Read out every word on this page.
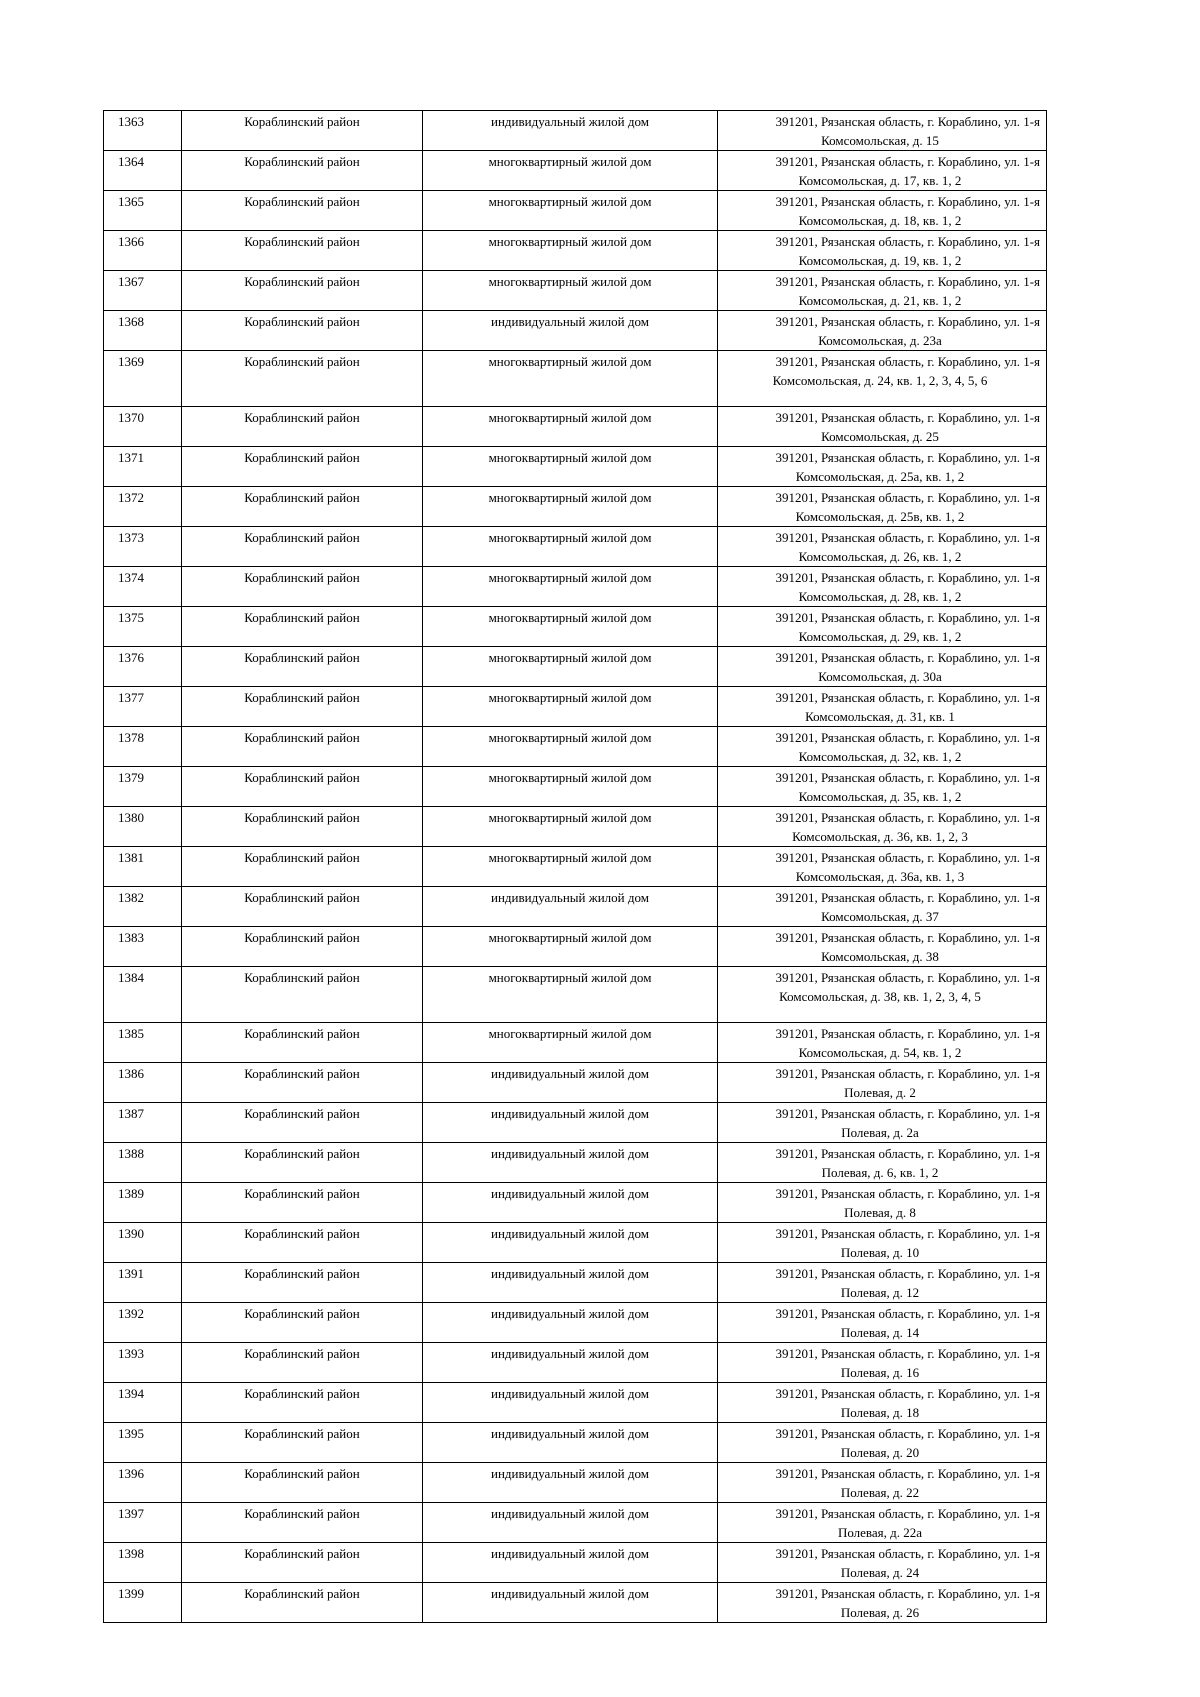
1363	Кораблинский район	индивидуальный жилой дом	391201, Рязанская область, г. Кораблино, ул. 1-я
Комсомольская, д. 15

1364	Кораблинский район	многоквартирный жилой дом	391201, Рязанская область, г. Кораблино, ул. 1-я
Комсомольская, д. 17, кв. 1, 2

1365	Кораблинский район	многоквартирный жилой дом	391201, Рязанская область, г. Кораблино, ул. 1-я
Комсомольская, д. 18, кв. 1, 2

1366	Кораблинский район	многоквартирный жилой дом	391201, Рязанская область, г. Кораблино, ул. 1-я
Комсомольская, д. 19, кв. 1, 2

1367	Кораблинский район	многоквартирный жилой дом	391201, Рязанская область, г. Кораблино, ул. 1-я
Комсомольская, д. 21, кв. 1, 2

1368	Кораблинский район	индивидуальный жилой дом	391201, Рязанская область, г. Кораблино, ул. 1-я
Комсомольская, д. 23а

1369	Кораблинский район	многоквартирный жилой дом	391201, Рязанская область, г. Кораблино, ул. 1-я
Комсомольская, д. 24, кв. 1, 2, 3, 4, 5, 6

1370	Кораблинский район	многоквартирный жилой дом	391201, Рязанская область, г. Кораблино, ул. 1-я
Комсомольская, д. 25

1371	Кораблинский район	многоквартирный жилой дом	391201, Рязанская область, г. Кораблино, ул. 1-я
Комсомольская, д. 25а, кв. 1, 2

1372	Кораблинский район	многоквартирный жилой дом	391201, Рязанская область, г. Кораблино, ул. 1-я
Комсомольская, д. 25в, кв. 1, 2

1373	Кораблинский район	многоквартирный жилой дом	391201, Рязанская область, г. Кораблино, ул. 1-я
Комсомольская, д. 26, кв. 1, 2

1374	Кораблинский район	многоквартирный жилой дом	391201, Рязанская область, г. Кораблино, ул. 1-я
Комсомольская, д. 28, кв. 1, 2

1375	Кораблинский район	многоквартирный жилой дом	391201, Рязанская область, г. Кораблино, ул. 1-я
Комсомольская, д. 29, кв. 1, 2

1376	Кораблинский район	многоквартирный жилой дом	391201, Рязанская область, г. Кораблино, ул. 1-я
Комсомольская, д. 30а

1377	Кораблинский район	многоквартирный жилой дом	391201, Рязанская область, г. Кораблино, ул. 1-я
Комсомольская, д. 31, кв. 1

1378	Кораблинский район	многоквартирный жилой дом	391201, Рязанская область, г. Кораблино, ул. 1-я
Комсомольская, д. 32, кв. 1, 2

1379	Кораблинский район	многоквартирный жилой дом	391201, Рязанская область, г. Кораблино, ул. 1-я
Комсомольская, д. 35, кв. 1, 2

1380	Кораблинский район	многоквартирный жилой дом	391201, Рязанская область, г. Кораблино, ул. 1-я
Комсомольская, д. 36, кв. 1, 2, 3

1381	Кораблинский район	многоквартирный жилой дом	391201, Рязанская область, г. Кораблино, ул. 1-я
Комсомольская, д. 36а, кв. 1, 3

1382	Кораблинский район	индивидуальный жилой дом	391201, Рязанская область, г. Кораблино, ул. 1-я
Комсомольская, д. 37

1383	Кораблинский район	многоквартирный жилой дом	391201, Рязанская область, г. Кораблино, ул. 1-я
Комсомольская, д. 38

1384	Кораблинский район	многоквартирный жилой дом	391201, Рязанская область, г. Кораблино, ул. 1-я
Комсомольская, д. 38, кв. 1, 2, 3, 4, 5

1385	Кораблинский район	многоквартирный жилой дом	391201, Рязанская область, г. Кораблино, ул. 1-я
Комсомольская, д. 54, кв. 1, 2

1386	Кораблинский район	индивидуальный жилой дом	391201, Рязанская область, г. Кораблино, ул. 1-я
Полевая, д. 2

1387	Кораблинский район	индивидуальный жилой дом	391201, Рязанская область, г. Кораблино, ул. 1-я
Полевая, д. 2а

1388	Кораблинский район	индивидуальный жилой дом	391201, Рязанская область, г. Кораблино, ул. 1-я
Полевая, д. 6, кв. 1, 2

1389	Кораблинский район	индивидуальный жилой дом	391201, Рязанская область, г. Кораблино, ул. 1-я
Полевая, д. 8

1390	Кораблинский район	индивидуальный жилой дом	391201, Рязанская область, г. Кораблино, ул. 1-я
Полевая, д. 10

1391	Кораблинский район	индивидуальный жилой дом	391201, Рязанская область, г. Кораблино, ул. 1-я
Полевая, д. 12

1392	Кораблинский район	индивидуальный жилой дом	391201, Рязанская область, г. Кораблино, ул. 1-я
Полевая, д. 14

1393	Кораблинский район	индивидуальный жилой дом	391201, Рязанская область, г. Кораблино, ул. 1-я
Полевая, д. 16

1394	Кораблинский район	индивидуальный жилой дом	391201, Рязанская область, г. Кораблино, ул. 1-я
Полевая, д. 18

1395	Кораблинский район	индивидуальный жилой дом	391201, Рязанская область, г. Кораблино, ул. 1-я
Полевая, д. 20

1396	Кораблинский район	индивидуальный жилой дом	391201, Рязанская область, г. Кораблино, ул. 1-я
Полевая, д. 22

1397	Кораблинский район	индивидуальный жилой дом	391201, Рязанская область, г. Кораблино, ул. 1-я
Полевая, д. 22а

1398	Кораблинский район	индивидуальный жилой дом	391201, Рязанская область, г. Кораблино, ул. 1-я
Полевая, д. 24

1399	Кораблинский район	индивидуальный жилой дом	391201, Рязанская область, г. Кораблино, ул. 1-я
Полевая, д. 26
